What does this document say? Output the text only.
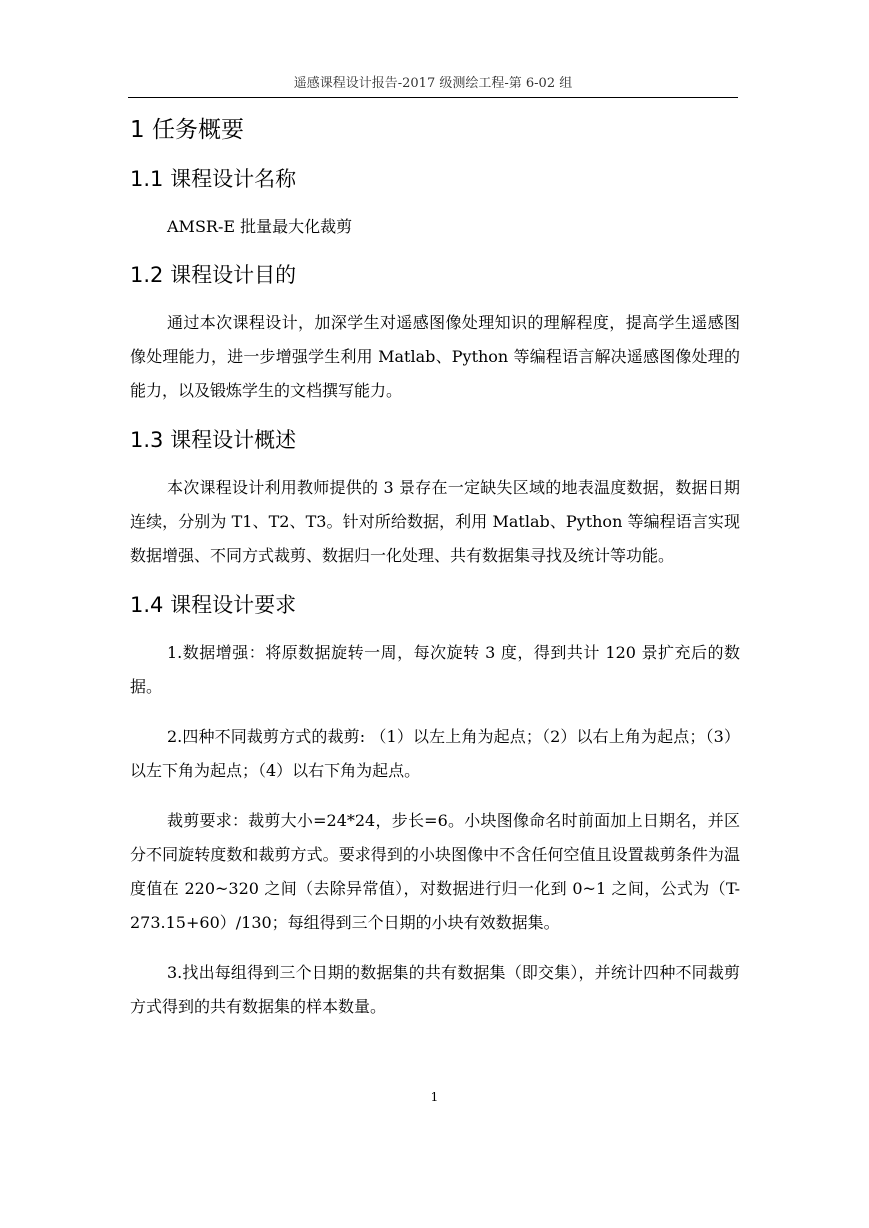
遥感课程设计报告-2017 级测绘工程-第 6-02 组
1 任务概要
1.1 课程设计名称

AMSR-E 批量最大化裁剪

1.2 课程设计目的

通过本次课程设计，加深学生对遥感图像处理知识的理解程度，提高学生遥感图像处理能力，进一步增强学生利用 Matlab、Python 等编程语言解决遥感图像处理的能力，以及锻炼学生的文档撰写能力。

1.3 课程设计概述

本次课程设计利用教师提供的 3 景存在一定缺失区域的地表温度数据，数据日期连续，分别为 T1、T2、T3。针对所给数据，利用 Matlab、Python 等编程语言实现数据增强、不同方式裁剪、数据归一化处理、共有数据集寻找及统计等功能。

1.4 课程设计要求

1.数据增强：将原数据旋转一周，每次旋转 3 度，得到共计 120 景扩充后的数据。

2.四种不同裁剪方式的裁剪: （1）以左上角为起点；（2）以右上角为起点；（3）以左下角为起点；（4）以右下角为起点。

裁剪要求：裁剪大小=24*24，步长=6。小块图像命名时前面加上日期名，并区分不同旋转度数和裁剪方式。要求得到的小块图像中不含任何空值且设置裁剪条件为温度值在 220~320 之间（去除异常值），对数据进行归一化到 0~1 之间，公式为（T-273.15+60）/130；每组得到三个日期的小块有效数据集。

3.找出每组得到三个日期的数据集的共有数据集（即交集），并统计四种不同裁剪方式得到的共有数据集的样本数量。

1
